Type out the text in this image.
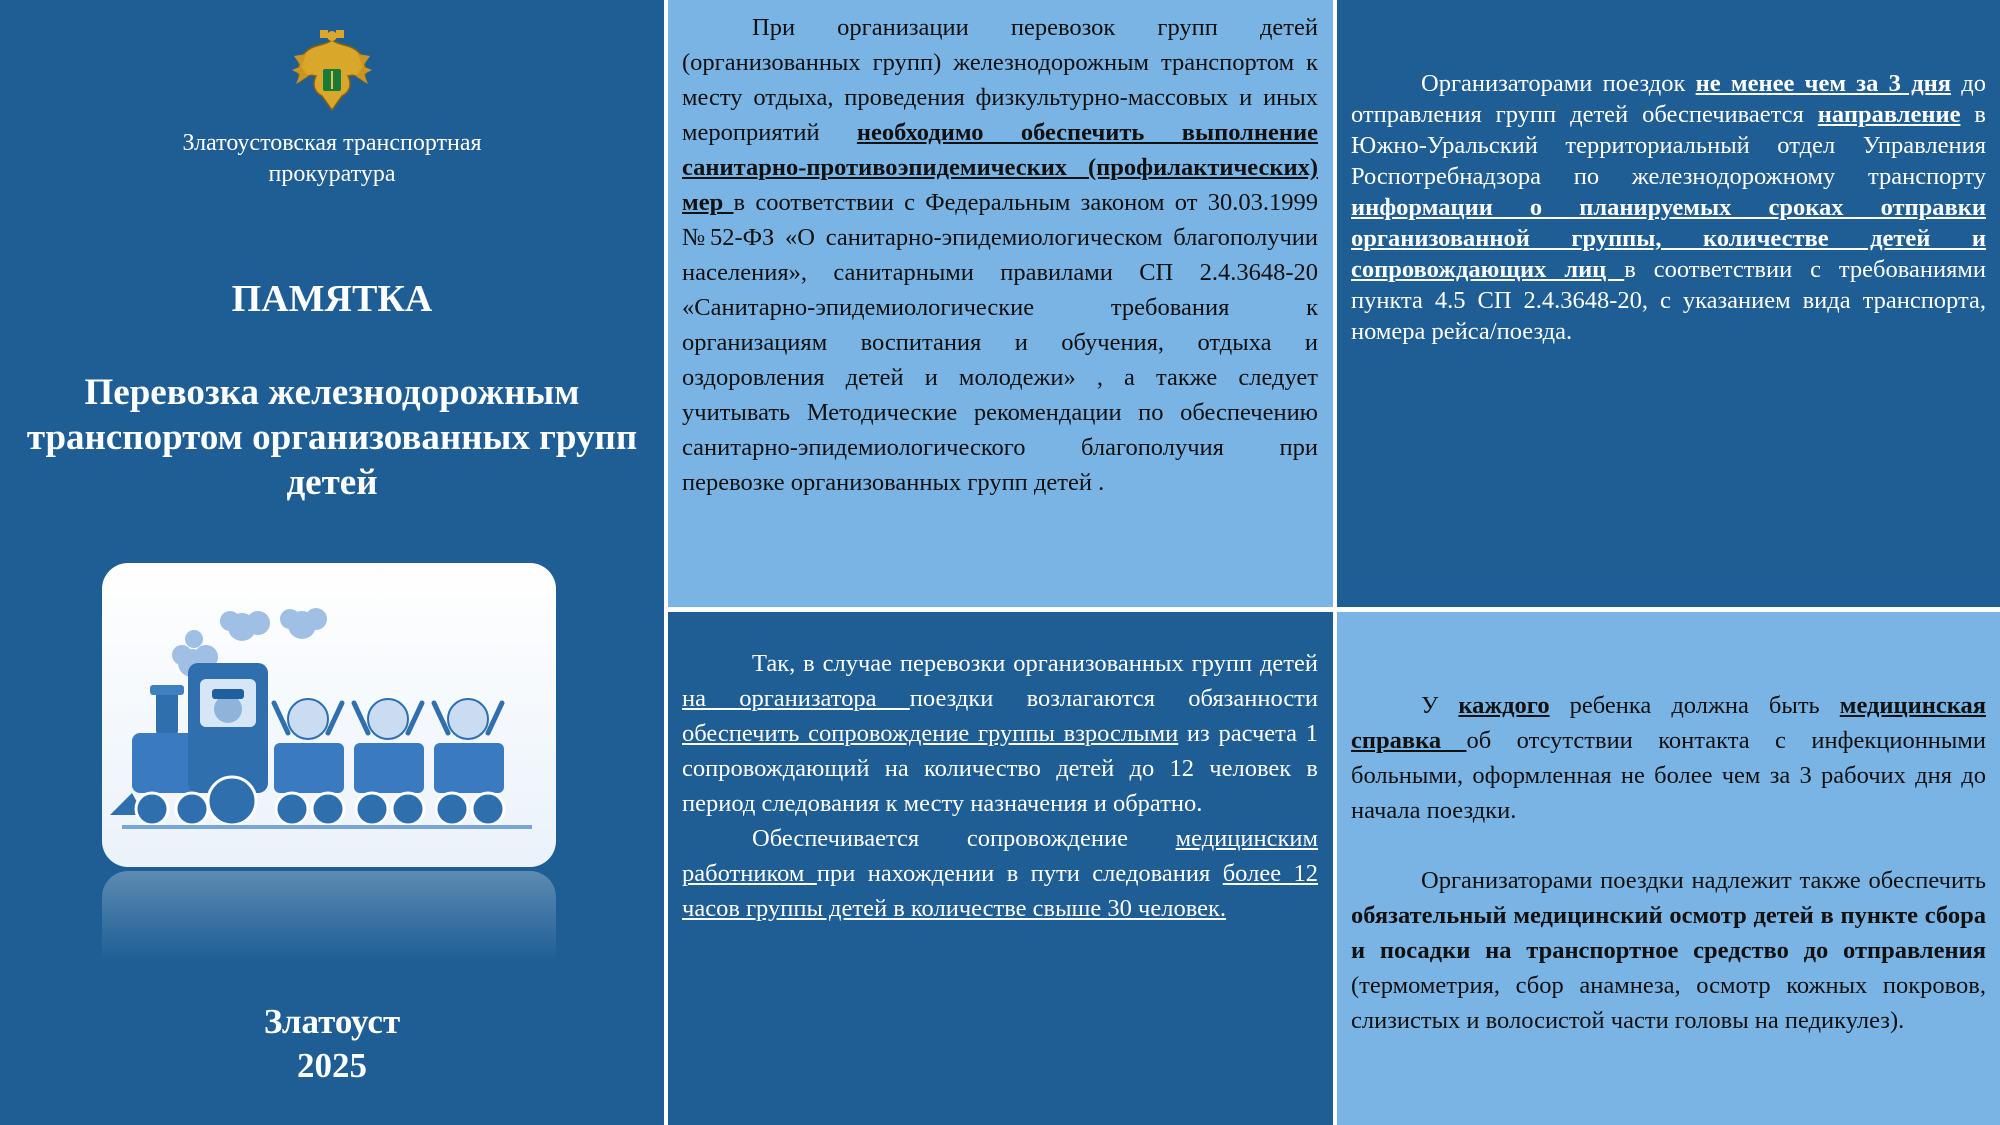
Златоустовская транспортная
прокуратура
ПАМЯТКА
Перевозка железнодорожным
транспортом организованных групп
детей
Златоуст
2025

При организации перевозок групп детей (организованных групп) железнодорожным транспортом к месту отдыха, проведения физкультурно-массовых и иных мероприятий необходимо обеспечить выполнение санитарно-противоэпидемических (профилактических) мер в соответствии с Федеральным законом от 30.03.1999 №52-ФЗ «О санитарно-эпидемиологическом благополучии населения», санитарными правилами СП 2.4.3648-20 «Санитарно-эпидемиологические требования к организациям воспитания и обучения, отдыха и оздоровления детей и молодежи» , а также следует учитывать Методические рекомендации по обеспечению санитарно-эпидемиологического благополучия при перевозке организованных групп детей .

Организаторами поездок не менее чем за 3 дня до отправления групп детей обеспечивается направление в Южно-Уральский территориальный отдел Управления Роспотребнадзора по железнодорожному транспорту информации о планируемых сроках отправки организованной группы, количестве детей и сопровождающих лиц в соответствии с требованиями пункта 4.5 СП 2.4.3648-20, с указанием вида транспорта, номера рейса/поезда.

Так, в случае перевозки организованных групп детей на организатора поездки возлагаются обязанности обеспечить сопровождение группы взрослыми из расчета 1 сопровождающий на количество детей до 12 человек в период следования к месту назначения и обратно.

Обеспечивается сопровождение медицинским работником при нахождении в пути следования более 12 часов группы детей в количестве свыше 30 человек.

У каждого ребенка должна быть медицинская справка об отсутствии контакта с инфекционными больными, оформленная не более чем за 3 рабочих дня до начала поездки.

Организаторами поездки надлежит также обеспечить обязательный медицинский осмотр детей в пункте сбора и посадки на транспортное средство до отправления (термометрия, сбор анамнеза, осмотр кожных покровов, слизистых и волосистой части головы на педикулез).
